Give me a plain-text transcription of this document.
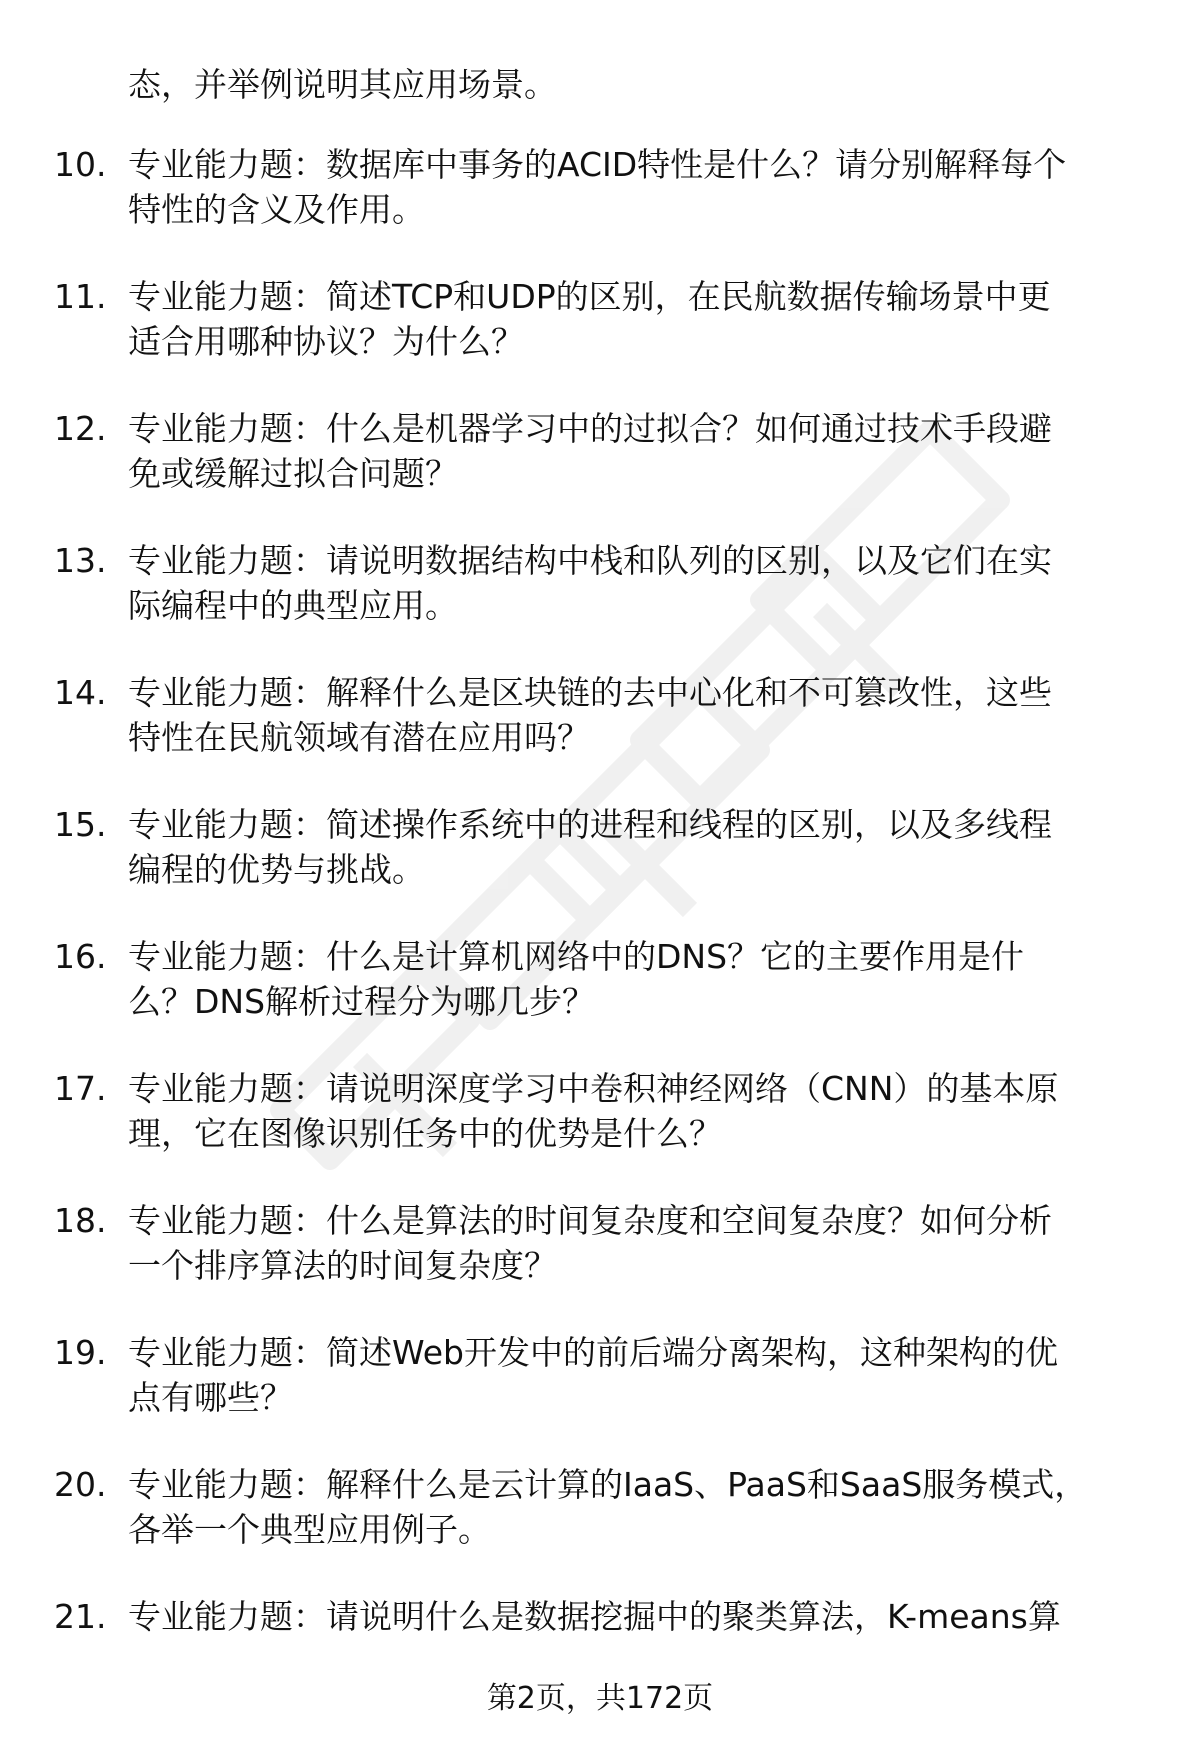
态，并举例说明其应用场景。
10. 专业能力题：数据库中事务的ACID特性是什么？请分别解释每个
特性的含义及作用。
11. 专业能力题：简述TCP和UDP的区别，在民航数据传输场景中更
适合用哪种协议？为什么？
12. 专业能力题：什么是机器学习中的过拟合？如何通过技术手段避
免或缓解过拟合问题？
13. 专业能力题：请说明数据结构中栈和队列的区别，以及它们在实
际编程中的典型应用。
14. 专业能力题：解释什么是区块链的去中心化和不可篡改性，这些
特性在民航领域有潜在应用吗？
15. 专业能力题：简述操作系统中的进程和线程的区别，以及多线程
编程的优势与挑战。
16. 专业能力题：什么是计算机网络中的DNS？它的主要作用是什
么？DNS解析过程分为哪几步？
17. 专业能力题：请说明深度学习中卷积神经网络（CNN）的基本原
理，它在图像识别任务中的优势是什么？
18. 专业能力题：什么是算法的时间复杂度和空间复杂度？如何分析
一个排序算法的时间复杂度？
19. 专业能力题：简述Web开发中的前后端分离架构，这种架构的优
点有哪些？
20. 专业能力题：解释什么是云计算的IaaS、PaaS和SaaS服务模式，
各举一个典型应用例子。
21. 专业能力题：请说明什么是数据挖掘中的聚类算法，K-means算
第2页，共172页
